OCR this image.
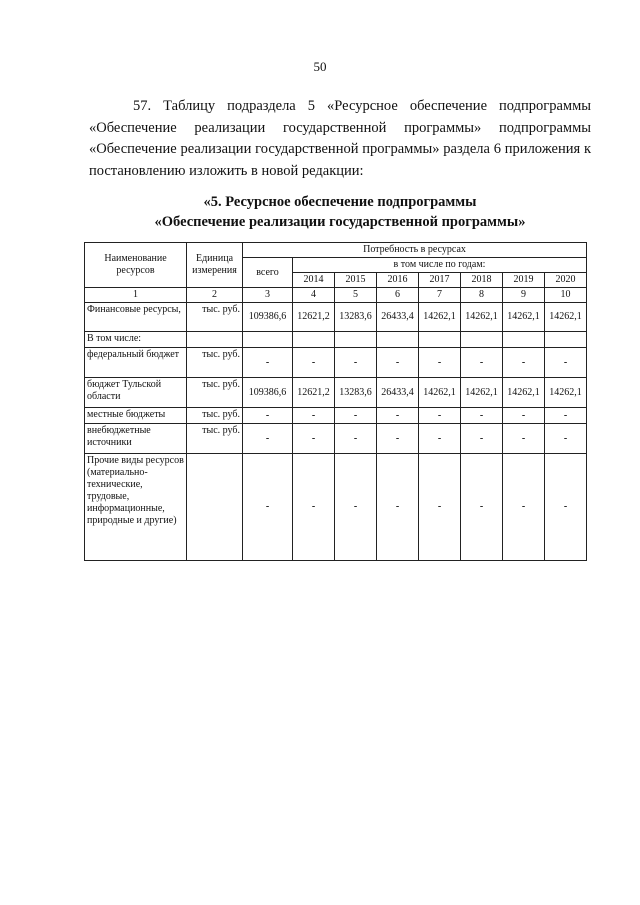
50

57. Таблицу подраздела 5 «Ресурсное обеспечение подпрограммы «Обеспечение реализации государственной программы» подпрограммы «Обеспечение реализации государственной программы» раздела 6 приложения к постановлению изложить в новой редакции:

«5. Ресурсное обеспечение подпрограммы
«Обеспечение реализации государственной программы»
Наименование ресурсов	Единица измерения	Потребность в ресурсах							
		всего	в том числе по годам:						
			2014	2015	2016	2017	2018	2019	2020
1	2	3	4	5	6	7	8	9	10
Финансовые ресурсы,	тыс. руб.	109386,6	12621,2	13283,6	26433,4	14262,1	14262,1	14262,1	14262,1
В том числе:									
федеральный бюджет	тыс. руб.	-	-	-	-	-	-	-	-
бюджет Тульской области	тыс. руб.	109386,6	12621,2	13283,6	26433,4	14262,1	14262,1	14262,1	14262,1
местные бюджеты	тыс. руб.	-	-	-	-	-	-	-	-
внебюджетные источники	тыс. руб.	-	-	-	-	-	-	-	-
Прочие виды ресурсов (материально-технические, трудовые, информационные, природные и другие)		-	-	-	-	-	-	-	-
